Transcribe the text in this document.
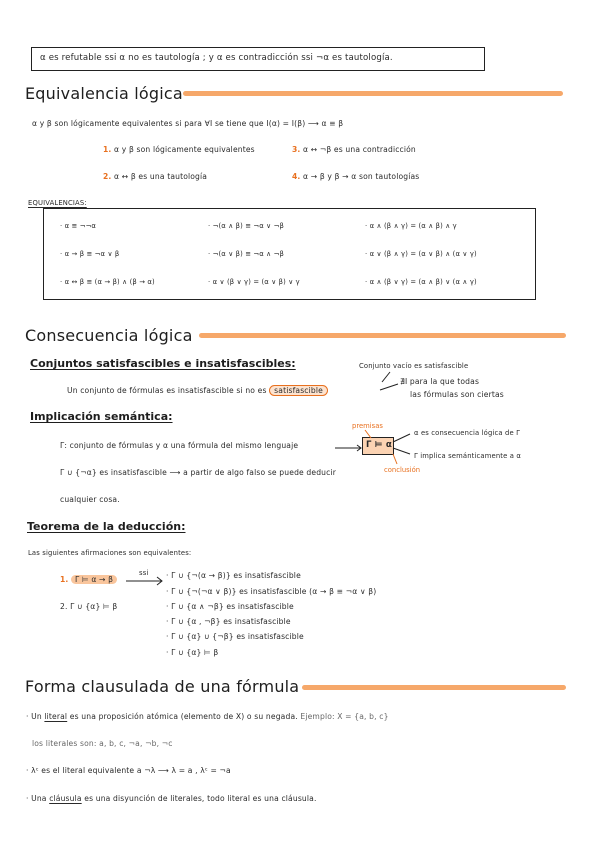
α es refutable ssi α no es tautología ; y α es contradicción ssi ¬α es tautología.
Equivalencia lógica
α y β son lógicamente equivalentes si para ∀I se tiene que I(α) = I(β) ⟶ α ≡ β
1. α y β son lógicamente equivalentes
2. α ↔ β es una tautología
3. α ↔ ¬β es una contradicción
4. α → β y β → α son tautologías
EQUIVALENCIAS:
· α ≡ ¬¬α	· ¬(α ∧ β) ≡ ¬α ∨ ¬β	· α ∧ (β ∧ γ) = (α ∧ β) ∧ γ
· α → β ≡ ¬α ∨ β	· ¬(α ∨ β) ≡ ¬α ∧ ¬β	· α ∨ (β ∧ γ) = (α ∨ β) ∧ (α ∨ γ)
· α ↔ β ≡ (α → β) ∧ (β → α)	· α ∨ (β ∨ γ) = (α ∨ β) ∨ γ	· α ∧ (β ∨ γ) = (α ∧ β) ∨ (α ∧ γ)
Consecuencia lógica
Conjuntos satisfascibles e insatisfascibles:	Conjunto vacío es satisfascible
Un conjunto de fórmulas es insatisfascible si no es satisfascible
∄I para la que todas
las fórmulas son ciertas
Implicación semántica:
premisas
Γ: conjunto de fórmulas y α una fórmula del mismo lenguaje	Γ ⊨ α
α es consecuencia lógica de Γ
Γ implica semánticamente a α
conclusión
Γ ∪ {¬α} es insatisfascible ⟶ a partir de algo falso se puede deducir
cualquier cosa.
Teorema de la deducción:
Las siguientes afirmaciones son equivalentes:
1. Γ ⊨ α → β
ssi
2. Γ ∪ {α} ⊨ β
· Γ ∪ {¬(α → β)} es insatisfascible
· Γ ∪ {¬(¬α ∨ β)} es insatisfascible (α → β ≡ ¬α ∨ β)
· Γ ∪ {α ∧ ¬β} es insatisfascible
· Γ ∪ {α , ¬β} es insatisfascible
· Γ ∪ {α} ∪ {¬β} es insatisfascible
· Γ ∪ {α} ⊨ β
Forma clausulada de una fórmula
· Un literal es una proposición atómica (elemento de X) o su negada. Ejemplo: X = {a, b, c}
los literales son: a, b, c, ¬a, ¬b, ¬c
· λᶜ es el literal equivalente a ¬λ ⟶ λ = a , λᶜ = ¬a
· Una cláusula es una disyunción de literales, todo literal es una cláusula.
